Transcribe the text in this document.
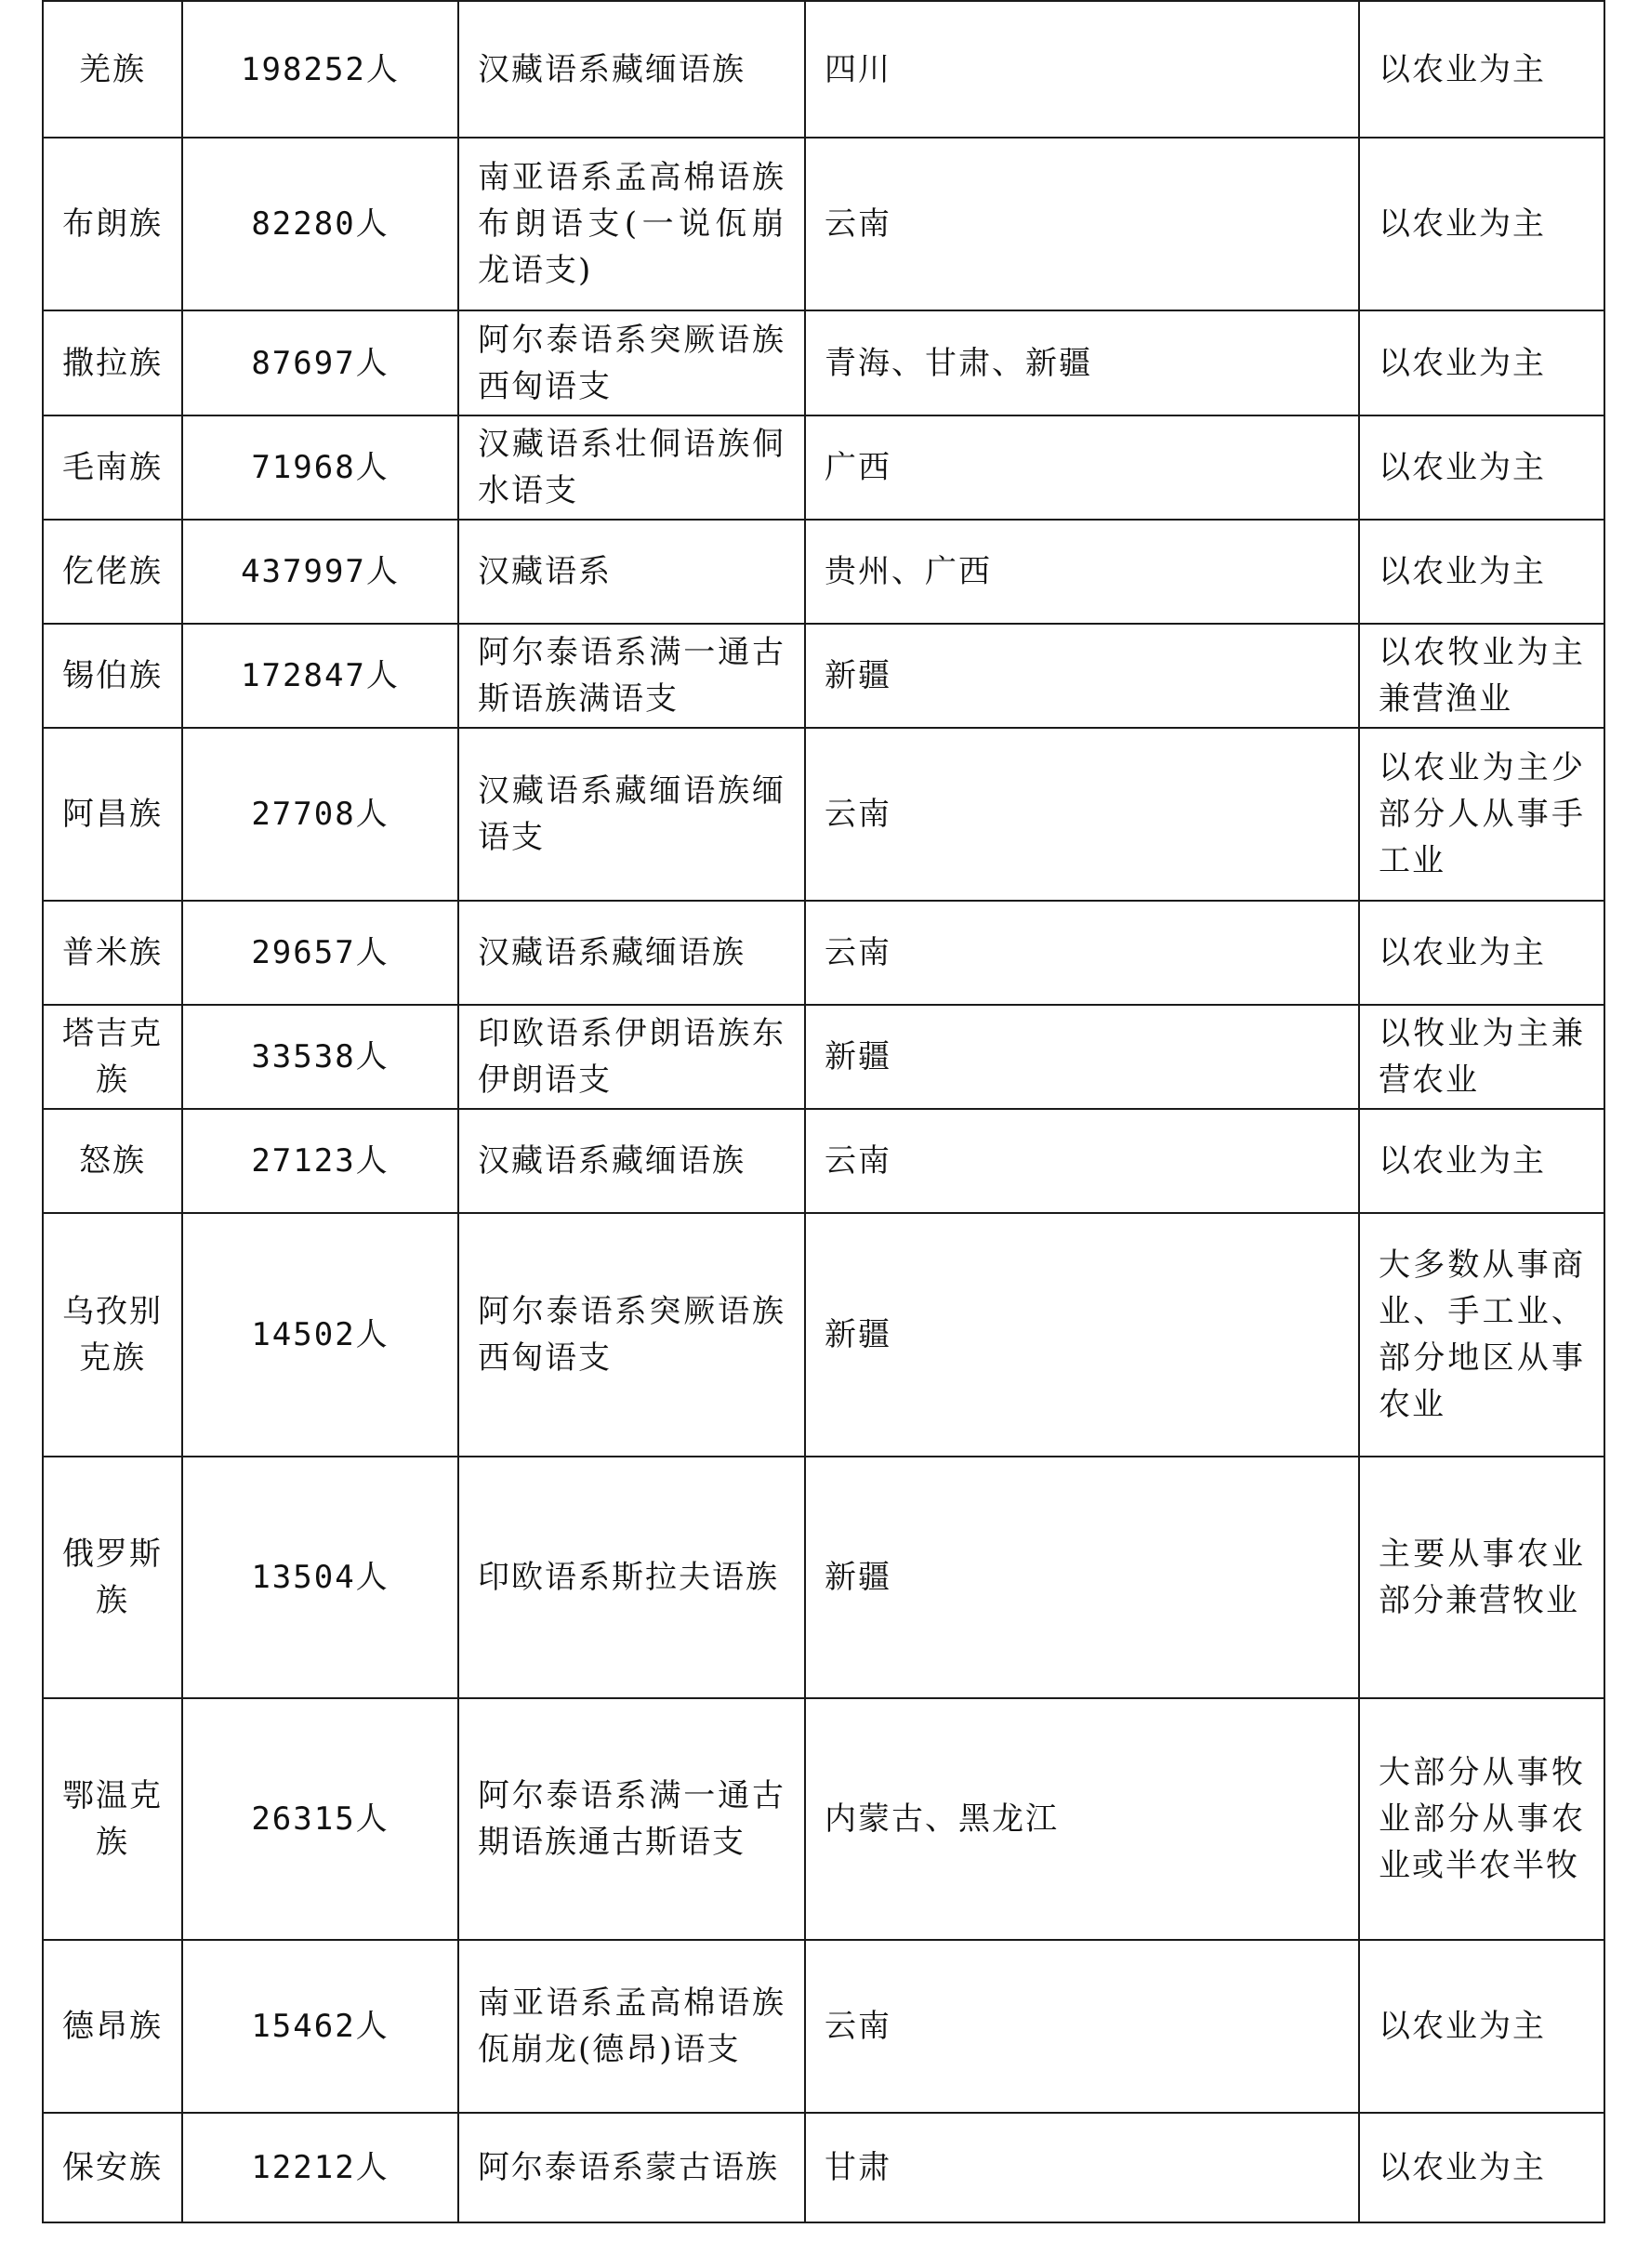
羌族	198252人	汉藏语系藏缅语族	四川	以农业为主

布朗族	82280人	南亚语系孟高棉语族布朗语支(一说佤崩龙语支)	云南	以农业为主

撒拉族	87697人	阿尔泰语系突厥语族西匈语支	青海、甘肃、新疆	以农业为主

毛南族	71968人	汉藏语系壮侗语族侗水语支	广西	以农业为主

仡佬族	437997人	汉藏语系	贵州、广西	以农业为主

锡伯族	172847人	阿尔泰语系满一通古斯语族满语支	新疆	以农牧业为主兼营渔业

阿昌族	27708人	汉藏语系藏缅语族缅语支	云南	以农业为主少部分人从事手工业

普米族	29657人	汉藏语系藏缅语族	云南	以农业为主

塔吉克族	33538人	印欧语系伊朗语族东伊朗语支	新疆	以牧业为主兼营农业

怒族	27123人	汉藏语系藏缅语族	云南	以农业为主

乌孜别克族	14502人	阿尔泰语系突厥语族西匈语支	新疆	大多数从事商业、手工业、部分地区从事农业

俄罗斯族	13504人	印欧语系斯拉夫语族	新疆	主要从事农业部分兼营牧业

鄂温克族	26315人	阿尔泰语系满一通古期语族通古斯语支	内蒙古、黑龙江	大部分从事牧业部分从事农业或半农半牧

德昂族	15462人	南亚语系孟高棉语族佤崩龙(德昂)语支	云南	以农业为主

保安族	12212人	阿尔泰语系蒙古语族	甘肃	以农业为主
